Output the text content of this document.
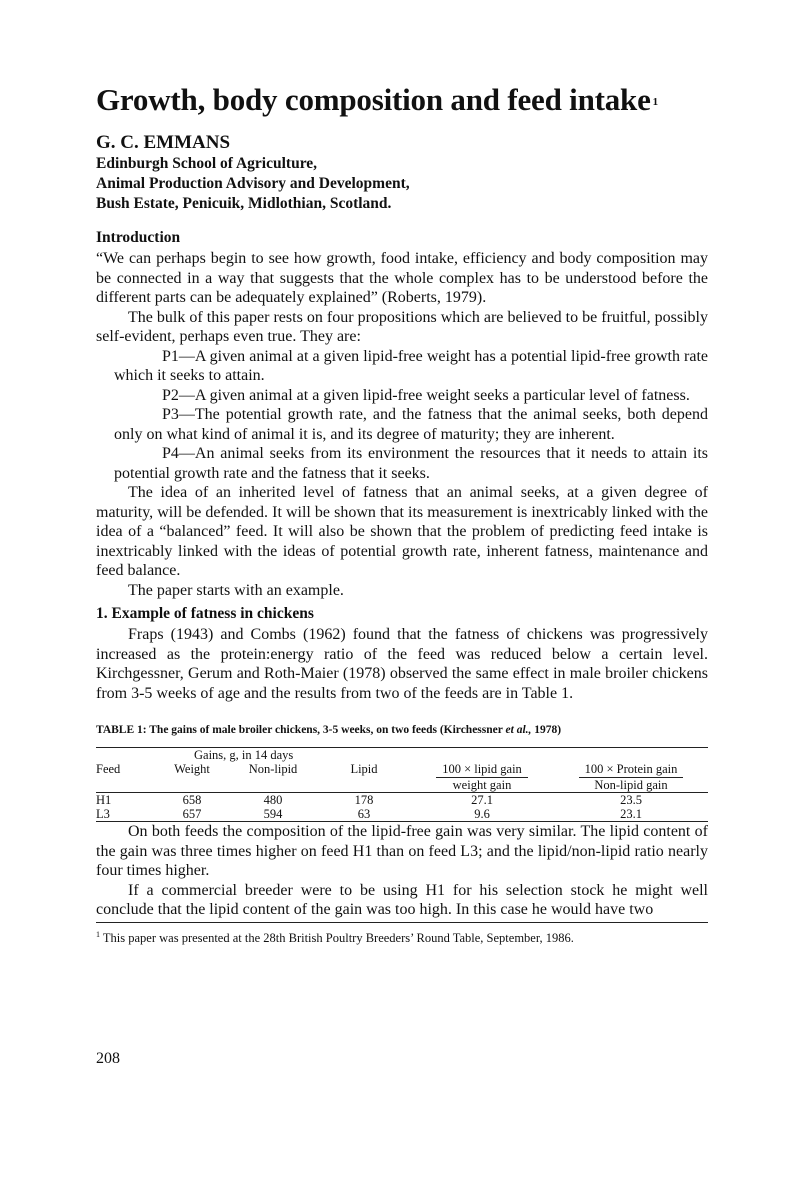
Growth, body composition and feed intake $^1$
G. C. EMMANS
Edinburgh School of Agriculture,
Animal Production Advisory and Development,
Bush Estate, Penicuik, Midlothian, Scotland.
Introduction

“We can perhaps begin to see how growth, food intake, efficiency and body composition may be connected in a way that suggests that the whole complex has to be understood before the different parts can be adequately explained” (Roberts, 1979).

The bulk of this paper rests on four propositions which are believed to be fruitful, possibly self-evident, perhaps even true. They are:

P1—A given animal at a given lipid-free weight has a potential lipid-free growth rate which it seeks to attain.

P2—A given animal at a given lipid-free weight seeks a particular level of fatness.

P3—The potential growth rate, and the fatness that the animal seeks, both depend only on what kind of animal it is, and its degree of maturity; they are inherent.

P4—An animal seeks from its environment the resources that it needs to attain its potential growth rate and the fatness that it seeks.

The idea of an inherited level of fatness that an animal seeks, at a given degree of maturity, will be defended. It will be shown that its measurement is inextricably linked with the idea of a “balanced” feed. It will also be shown that the problem of predicting feed intake is inextricably linked with the ideas of potential growth rate, inherent fatness, maintenance and feed balance.

The paper starts with an example.

1. Example of fatness in chickens

Fraps (1943) and Combs (1962) found that the fatness of chickens was progressively increased as the protein:energy ratio of the feed was reduced below a certain level. Kirchgessner, Gerum and Roth-Maier (1978) observed the same effect in male broiler chickens from 3-5 weeks of age and the results from two of the feeds are in Table 1.

TABLE 1: The gains of male broiler chickens, 3-5 weeks, on two feeds (Kirchessner et al., 1978)
	Gains, g, in 14 days				
Feed	Weight	Non-lipid	Lipid	100 × lipid gain	100 × Protein gain
				weight gain	Non-lipid gain
H1	658	480	178	27.1	23.5
L3	657	594	63	9.6	23.1

On both feeds the composition of the lipid-free gain was very similar. The lipid content of the gain was three times higher on feed H1 than on feed L3; and the lipid/non-lipid ratio nearly four times higher.

If a commercial breeder were to be using H1 for his selection stock he might well conclude that the lipid content of the gain was too high. In this case he would have two

$^1$ This paper was presented at the 28th British Poultry Breeders’ Round Table, September, 1986.

208
